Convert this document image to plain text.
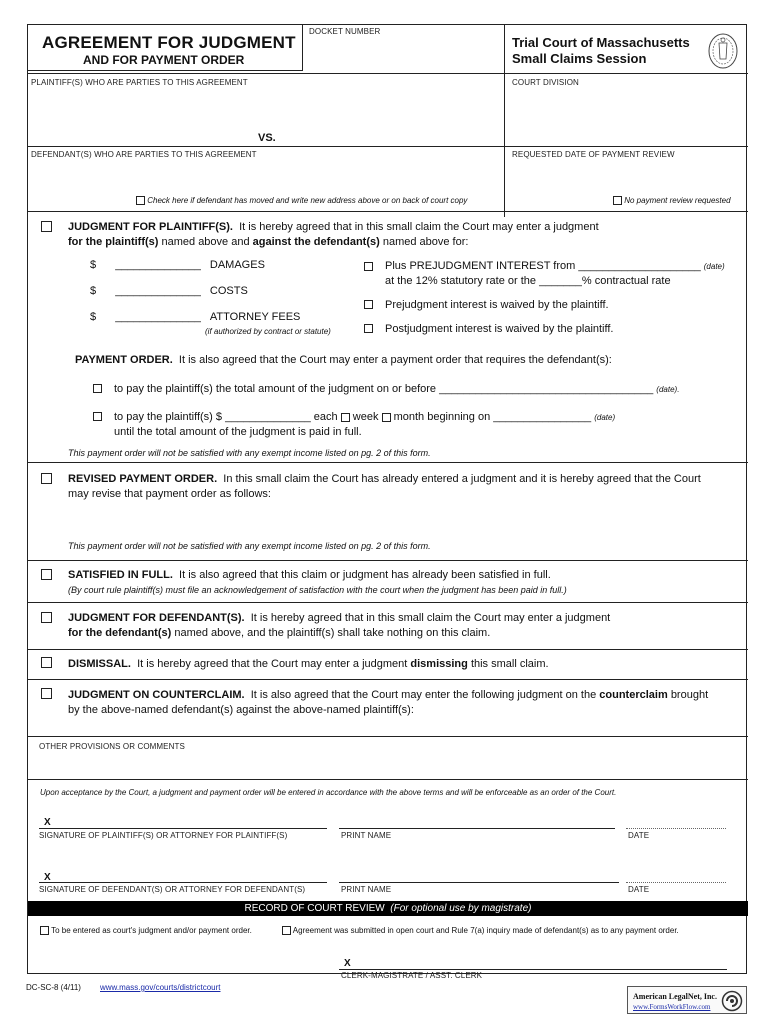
AGREEMENT FOR JUDGMENT
AND FOR PAYMENT ORDER
DOCKET NUMBER
Trial Court of Massachusetts
Small Claims Session
PLAINTIFF(S) WHO ARE PARTIES TO THIS AGREEMENT	COURT DIVISION
VS.
DEFENDANT(S) WHO ARE PARTIES TO THIS AGREEMENT	REQUESTED DATE OF PAYMENT REVIEW
Check here if defendant has moved and write new address above or on back of court copy	No payment review requested
JUDGMENT FOR PLAINTIFF(S). It is hereby agreed that in this small claim the Court may enter a judgment
for the plaintiff(s) named above and against the defendant(s) named above for:
$ ______________ DAMAGES
$ ______________ COSTS
$ ______________ ATTORNEY FEES
(if authorized by contract or statute)
Plus PREJUDGMENT INTEREST from ____________________ (date)
at the 12% statutory rate or the _______% contractual rate
Prejudgment interest is waived by the plaintiff.
Postjudgment interest is waived by the plaintiff.
PAYMENT ORDER. It is also agreed that the Court may enter a payment order that requires the defendant(s):
to pay the plaintiff(s) the total amount of the judgment on or before ___________________________________ (date).
to pay the plaintiff(s) $ ______________ each week month beginning on ________________ (date)
until the total amount of the judgment is paid in full.
This payment order will not be satisfied with any exempt income listed on pg. 2 of this form.
REVISED PAYMENT ORDER. In this small claim the Court has already entered a judgment and it is hereby agreed that the Court
may revise that payment order as follows:
This payment order will not be satisfied with any exempt income listed on pg. 2 of this form.
SATISFIED IN FULL. It is also agreed that this claim or judgment has already been satisfied in full.
(By court rule plaintiff(s) must file an acknowledgement of satisfaction with the court when the judgment has been paid in full.)
JUDGMENT FOR DEFENDANT(S). It is hereby agreed that in this small claim the Court may enter a judgment
for the defendant(s) named above, and the plaintiff(s) shall take nothing on this claim.
DISMISSAL. It is hereby agreed that the Court may enter a judgment dismissing this small claim.
JUDGMENT ON COUNTERCLAIM. It is also agreed that the Court may enter the following judgment on the counterclaim brought
by the above-named defendant(s) against the above-named plaintiff(s):
OTHER PROVISIONS OR COMMENTS
Upon acceptance by the Court, a judgment and payment order will be entered in accordance with the above terms and will be enforceable as an order of the Court.
X
SIGNATURE OF PLAINTIFF(S) OR ATTORNEY FOR PLAINTIFF(S)	PRINT NAME	DATE
X
SIGNATURE OF DEFENDANT(S) OR ATTORNEY FOR DEFENDANT(S)	PRINT NAME	DATE
RECORD OF COURT REVIEW (For optional use by magistrate)
To be entered as court's judgment and/or payment order.	Agreement was submitted in open court and Rule 7(a) inquiry made of defendant(s) as to any payment order.
X
CLERK-MAGISTRATE / ASST. CLERK
DC-SC-8 (4/11) www.mass.gov/courts/districtcourt
American LegalNet, Inc.
www.FormsWorkFlow.com
